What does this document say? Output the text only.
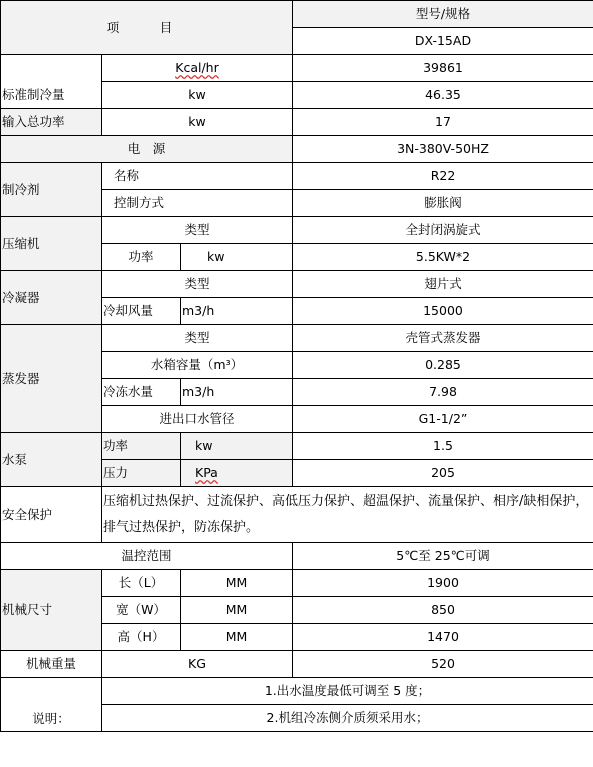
项　目			型号/规格
			DX-15AD
标准制冷量	Kcal/hr		39861
	kw		46.35
输入总功率	kw		17
电　源			3N-380V-50HZ
制冷剂	名称		R22
	控制方式		膨胀阀
压缩机	类型		全封闭涡旋式
	功率	kw	5.5KW*2
冷凝器	类型		翅片式
	冷却风量	m3/h	15000
蒸发器	类型		壳管式蒸发器
	水箱容量（m³）		0.285
	冷冻水量	m3/h	7.98
	进出口水管径		G1-1/2”
水泵	功率	kw	1.5
	压力	KPa	205
安全保护	压缩机过热保护、过流保护、高低压力保护、超温保护、流量保护、相序/缺相保护，排气过热保护，防冻保护。		
温控范围			5℃至 25℃可调
机械尺寸	长（L）	MM	1900
	宽（W）	MM	850
	高（H）	MM	1470
机械重量	KG		520
说明：	1.出水温度最低可调至 5 度；		
	2.机组冷冻侧介质须采用水；		
